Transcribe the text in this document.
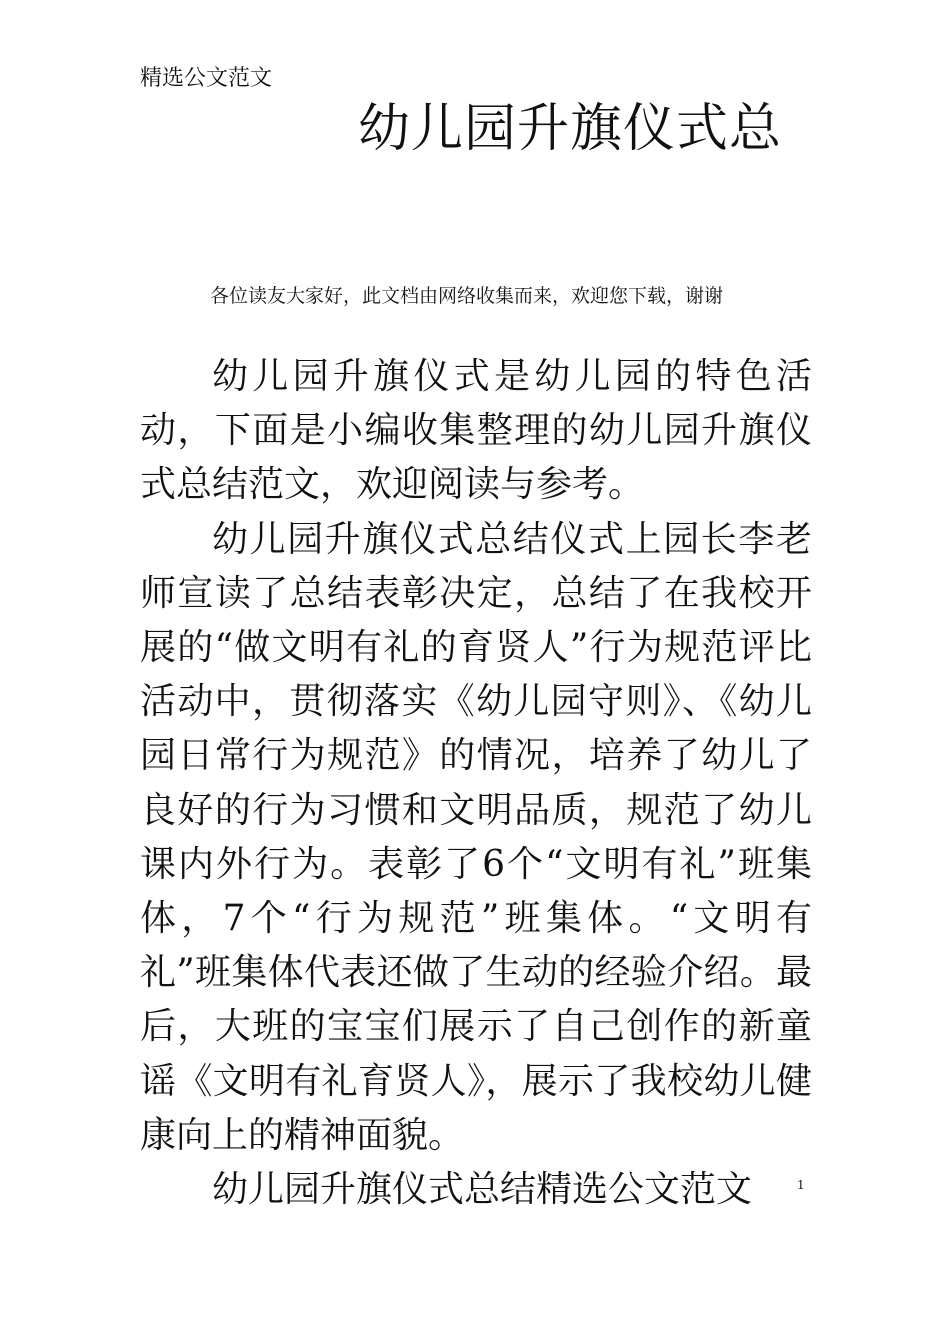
精选公文范文
幼儿园升旗仪式总
各位读友大家好，此文档由网络收集而来，欢迎您下载，谢谢

幼儿园升旗仪式是幼儿园的特色活动，下面是小编收集整理的幼儿园升旗仪式总结范文，欢迎阅读与参考。

幼儿园升旗仪式总结仪式上园长李老师宣读了总结表彰决定，总结了在我校开展的“做文明有礼的育贤人”行为规范评比活动中，贯彻落实《幼儿园守则》、《幼儿园日常行为规范》的情况，培养了幼儿了良好的行为习惯和文明品质，规范了幼儿课内外行为。表彰了6个“文明有礼”班集体，7个“行为规范”班集体。“文明有礼”班集体代表还做了生动的经验介绍。最后，大班的宝宝们展示了自己创作的新童谣《文明有礼育贤人》，展示了我校幼儿健康向上的精神面貌。

幼儿园升旗仪式总结精选公文范文	1
